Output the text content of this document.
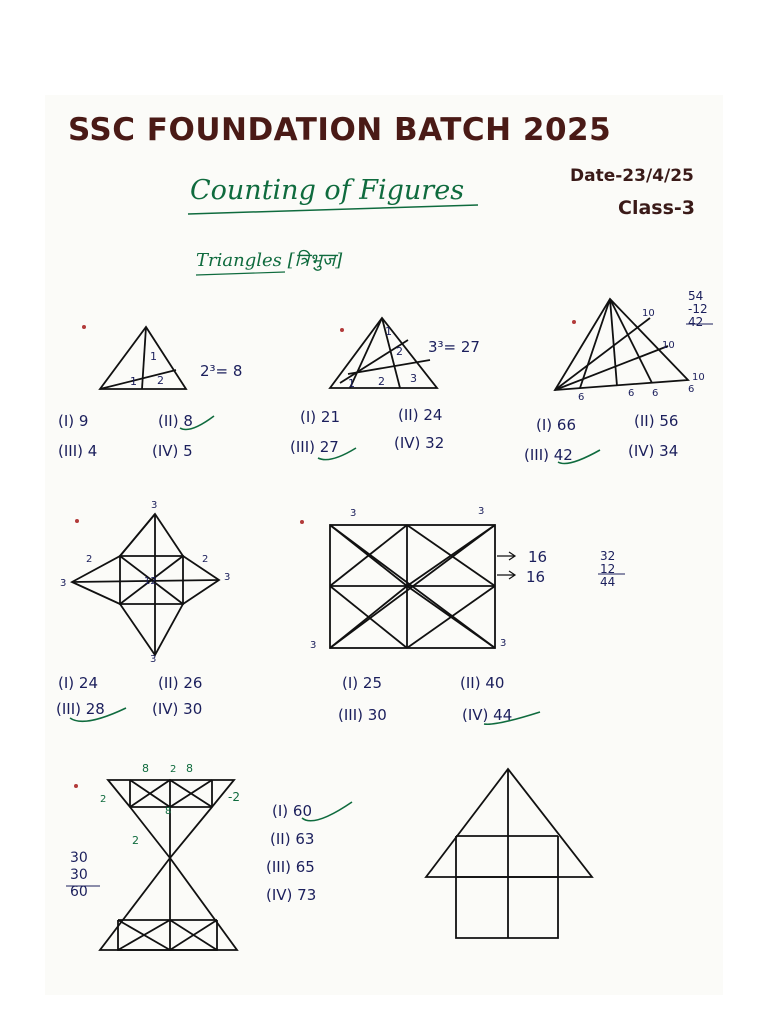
SSC FOUNDATION BATCH 2025
Date-23/4/25
Class-3
Counting of Figures
Triangles [त्रिभुज]
1
2
1
1
2
3
2
1
2³= 8
(I) 9	(II) 8
(III) 4	(IV) 5
3³= 27
(I) 21	(II) 24
(III) 27	(IV) 32
54
-12
42
10
10
10
6	6 6	6
(I) 66	(II) 56
(III) 42	(IV) 34
3
2	2
3
3
12
3
(I) 24	(II) 26
(III) 28	(IV) 30
3	3
16
16
3	3
32
12
44
(I) 25	(II) 40
(III) 30	(IV) 44
8 2 8
2	-2
8
2
30
30
60
(I) 60
(II) 63
(III) 65
(IV) 73
